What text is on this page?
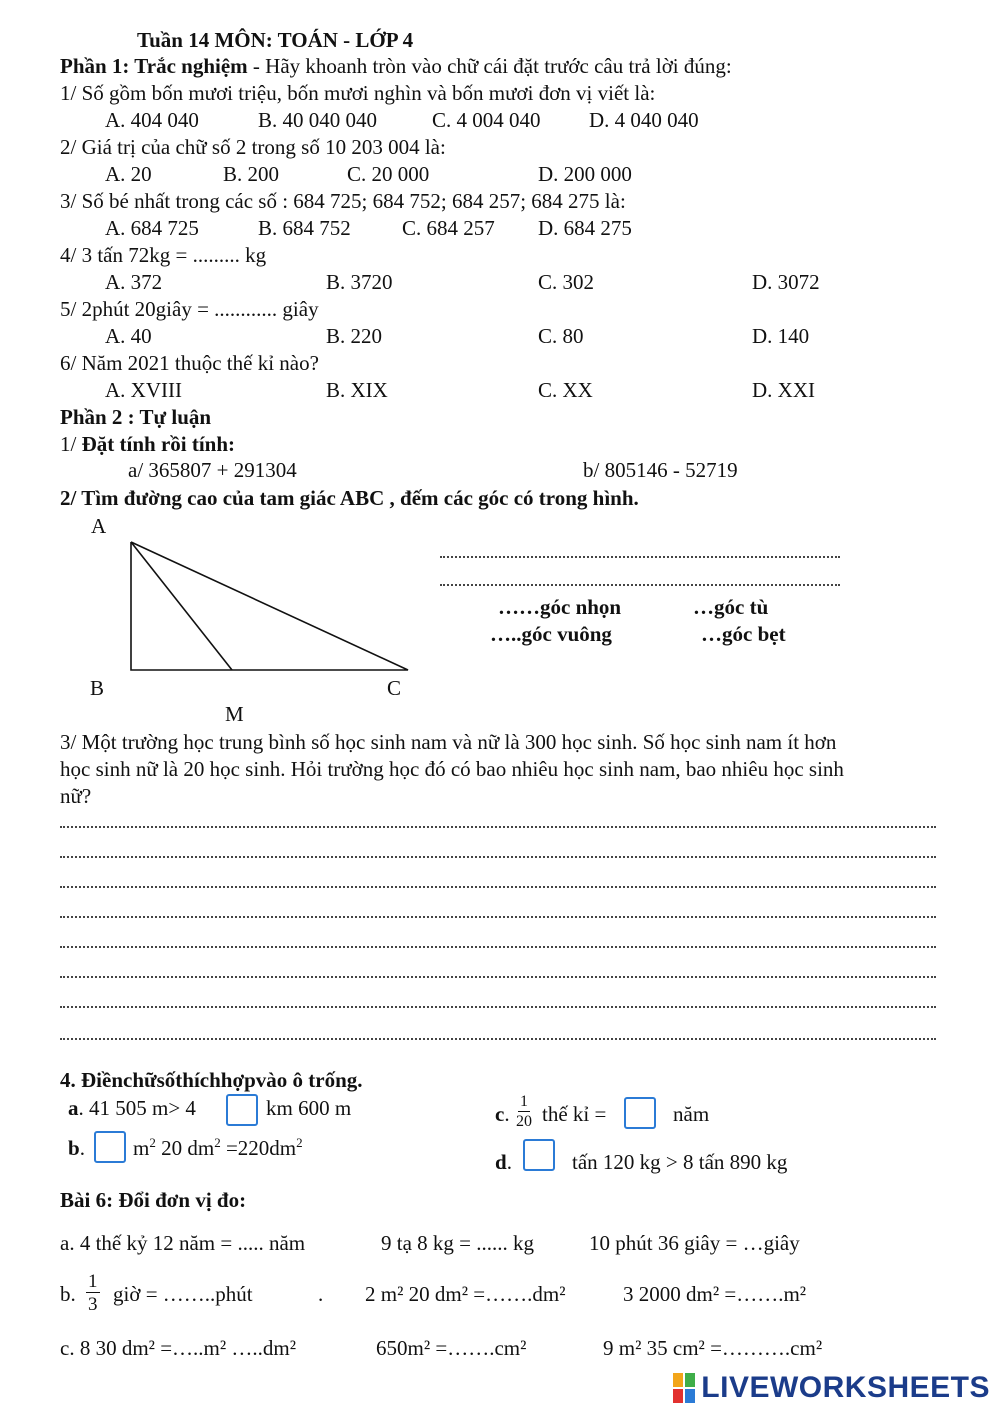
Tuần 14 MÔN: TOÁN - LỚP 4
Phần 1: Trắc nghiệm - Hãy khoanh tròn vào chữ cái đặt trước câu trả lời đúng:
1/ Số gồm bốn mươi triệu, bốn mươi nghìn và bốn mươi đơn vị viết là:
A. 404 040	B. 40 040 040	C. 4 004 040 D. 4 040 040
2/ Giá trị của chữ số 2 trong số 10 203 004 là:
A. 20	B. 200	C. 20 000	D. 200 000
3/ Số bé nhất trong các số : 684 725; 684 752; 684 257; 684 275 là:
A. 684 725	B. 684 752 C. 684 257 D. 684 275
4/ 3 tấn 72kg = ......... kg
A. 372	B. 3720	C. 302	D. 3072
5/ 2phút 20giây = ............ giây
A. 40	B. 220	C. 80	D. 140
6/ Năm 2021 thuộc thế kỉ nào?
A. XVIII	B. XIX	C. XX	D. XXI
Phần 2 : Tự luận
1/ Đặt tính rồi tính:
a/ 365807 + 291304	b/ 805146 - 52719
2/ Tìm đường cao của tam giác ABC , đếm các góc có trong hình.
A
B	C
M
……góc nhọn	…góc tù
…..góc vuông	…góc bẹt
3/ Một trường học trung bình số học sinh nam và nữ là 300 học sinh. Số học sinh nam ít hơn
học sinh nữ là 20 học sinh. Hỏi trường học đó có bao nhiêu học sinh nam, bao nhiêu học sinh
nữ?
4. Điềnchữsốthíchhợpvào ô trống.
a. 41 505 m> 4	km 600 m	c. $\frac{1}{20}$ thế kỉ =	năm
b. $m^2$ 20 $dm^2 =220dm^2$
d.	tấn 120 kg > 8 tấn 890 kg
Bài 6: Đổi đơn vị đo:
a. 4 thế kỷ 12 năm = ..... năm	9 tạ 8 kg = ...... kg	10 phút 36 giây = …giây
b. $\frac{1}{3}$ giờ = ……..phút	. 2 m² 20 dm² =…….dm²	3 2000 dm² =…….m²
c. 8 30 dm² =…..m² …..dm²	650m² =…….cm²	9 m² 35 cm² =……….cm²
LIVEWORKSHEETS
